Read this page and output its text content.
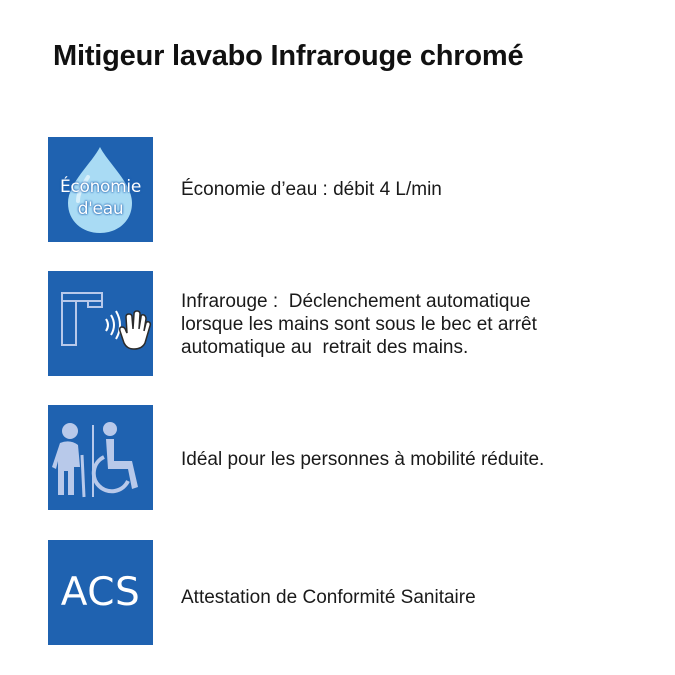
Mitigeur lavabo Infrarouge chromé
Économie
d'eau
Économie d’eau : débit 4 L/min
Infrarouge :  Déclenchement automatique
lorsque les mains sont sous le bec et arrêt
automatique au  retrait des mains.
Idéal pour les personnes à mobilité réduite.
ACS	Attestation de Conformité Sanitaire
